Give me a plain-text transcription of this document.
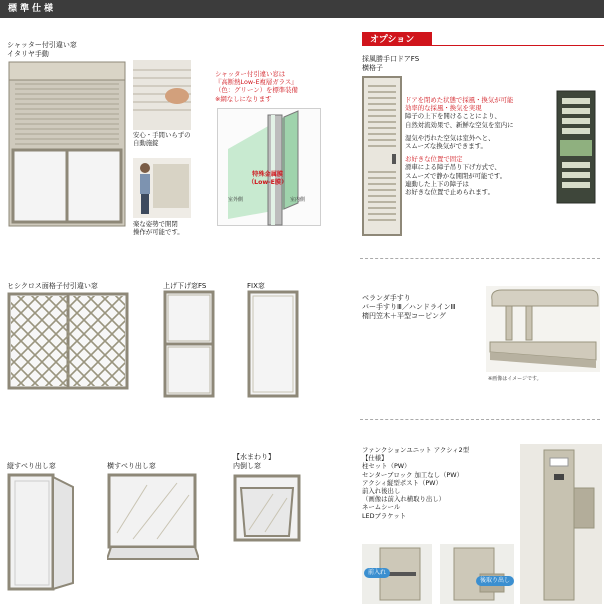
標準仕様
オプション
シャッター付引違い窓
イタリヤ手動
安心・手間いらずの
自動施錠
楽な姿勢で開閉
操作が可能です。
シャッター付引違い窓は
『高断熱Low-E複層ガラス』
（色：グリーン）を標準装備
※網なしになります
特殊金属膜
（Low-E膜）
室外側	室内側
ヒシクロス面格子付引違い窓	上げ下げ窓FS	FIX窓
縦すべり出し窓	横すべり出し窓
【水まわり】
内倒し窓
採風勝手口ドアFS
横格子
ドアを閉めた状態で採風・換気が可能
効率的な採風・換気を実現
障子の上下を開けることにより、
自然対流効果で、新鮮な空気を室内に
湿気や汚れた空気は室外へと、
スムーズな換気ができます。
お好きな位置で固定
滑車による障子吊り下げ方式で、
スムーズで静かな開閉が可能です。
連動した上下の障子は
お好きな位置で止められます。
ベランダ手すり
バー手すりⅢ／ハンドラインⅢ
楕円笠木＋平型コーピング
※画像はイメージです。
ファンクションユニット アクシィ2型
【仕様】
柱セット（PW）
センターブロック 加工なし（PW）
アクシィ縦型ポスト（PW）
前入れ後出し
（画像は前入れ横取り出し）
ネームシール
LEDブラケット
前入れ
後取り出し
